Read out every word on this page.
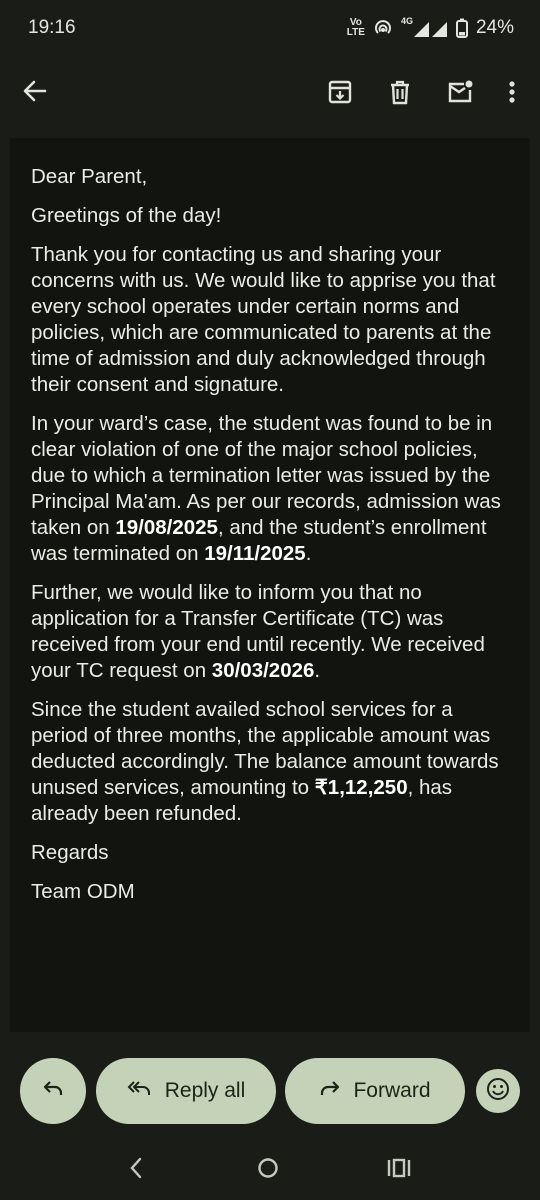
19:16	Vo
LTE
4G	24%

Dear Parent,

Greetings of the day!

Thank you for contacting us and sharing your concerns with us. We would like to apprise you that every school operates under certain norms and policies, which are communicated to parents at the time of admission and duly acknowledged through their consent and signature.

In your ward’s case, the student was found to be in clear violation of one of the major school policies, due to which a termination letter was issued by the Principal Ma'am. As per our records, admission was taken on 19/08/2025, and the student’s enrollment was terminated on 19/11/2025.

Further, we would like to inform you that no application for a Transfer Certificate (TC) was received from your end until recently. We received your TC request on 30/03/2026.

Since the student availed school services for a period of three months, the applicable amount was deducted accordingly. The balance amount towards unused services, amounting to ₹1,12,250, has already been refunded.

Regards

Team ODM

Reply all	Forward
